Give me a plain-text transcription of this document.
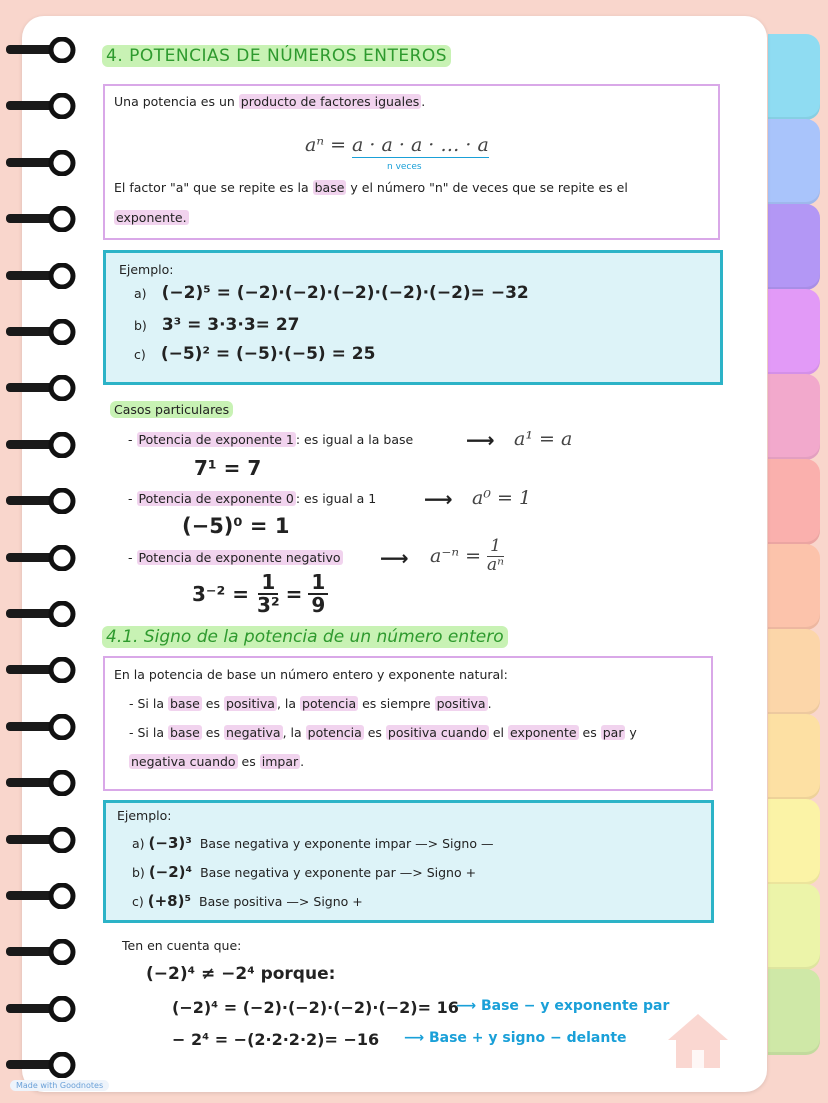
4. POTENCIAS DE NÚMEROS ENTEROS
Una potencia es un producto de factores iguales .
aⁿ = a · a · a · … · a
n veces
El factor "a" que se repite es la base y el número "n" de veces que se repite es el
exponente.
Ejemplo:
a) (−2)⁵ = (−2)·(−2)·(−2)·(−2)·(−2)= −32
b) 3³ = 3·3·3= 27
c) (−5)² = (−5)·(−5) = 25
Casos particulares
- Potencia de exponente 1 : es igual a la base	⟶ a¹ = a
7¹ = 7
- Potencia de exponente 0 : es igual a 1 ⟶ a⁰ = 1
(−5)⁰ = 1
- Potencia de exponente negativo ⟶ $a^{-n} = \frac{1}{\text{aⁿ}}$
$3^{-2} = \frac{1}{\text{3²}} = \frac{1}{9}$
4.1. Signo de la potencia de un número entero
En la potencia de base un número entero y exponente natural:
- Si la base es positiva , la potencia es siempre positiva .
- Si la base es negativa , la potencia es positiva cuando el exponente es par y
negativa cuando es impar .
Ejemplo:
a) (−3)³ Base negativa y exponente impar —> Signo —
b) (−2)⁴ Base negativa y exponente par —> Signo +
c) (+8)⁵ Base positiva —> Signo +
Ten en cuenta que:
(−2)⁴ ≠ −2⁴ porque:
(−2)⁴ = (−2)·(−2)·(−2)·(−2)= 16
⟶ Base − y exponente par
− 2⁴ = −(2·2·2·2)= −16 ⟶ Base + y signo − delante
Made with Goodnotes
